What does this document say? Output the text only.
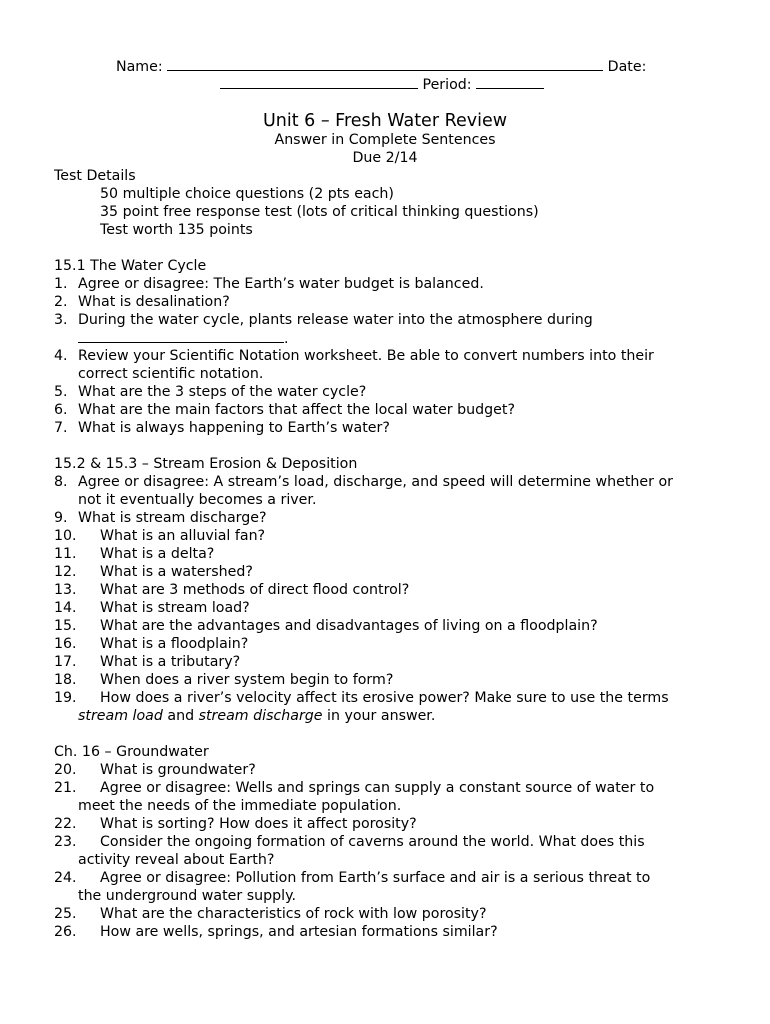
Name:	Date:
Period:
Unit 6 – Fresh Water Review
Answer in Complete Sentences
Due 2/14
Test Details
50 multiple choice questions (2 pts each)
35 point free response test (lots of critical thinking questions)
Test worth 135 points
15.1 The Water Cycle
1. Agree or disagree: The Earth’s water budget is balanced.
2. What is desalination?
3. During the water cycle, plants release water into the atmosphere during
.
4. Review your Scientific Notation worksheet. Be able to convert numbers into their
correct scientific notation.
5. What are the 3 steps of the water cycle?
6. What are the main factors that affect the local water budget?
7. What is always happening to Earth’s water?
15.2 & 15.3 – Stream Erosion & Deposition
8. Agree or disagree: A stream’s load, discharge, and speed will determine whether or
not it eventually becomes a river.
9. What is stream discharge?
10. What is an alluvial fan?
11. What is a delta?
12. What is a watershed?
13. What are 3 methods of direct flood control?
14. What is stream load?
15. What are the advantages and disadvantages of living on a floodplain?
16. What is a floodplain?
17. What is a tributary?
18. When does a river system begin to form?
19. How does a river’s velocity affect its erosive power? Make sure to use the terms
stream load and stream discharge in your answer.
Ch. 16 – Groundwater
20. What is groundwater?
21. Agree or disagree: Wells and springs can supply a constant source of water to
meet the needs of the immediate population.
22. What is sorting? How does it affect porosity?
23. Consider the ongoing formation of caverns around the world. What does this
activity reveal about Earth?
24. Agree or disagree: Pollution from Earth’s surface and air is a serious threat to
the underground water supply.
25. What are the characteristics of rock with low porosity?
26. How are wells, springs, and artesian formations similar?
